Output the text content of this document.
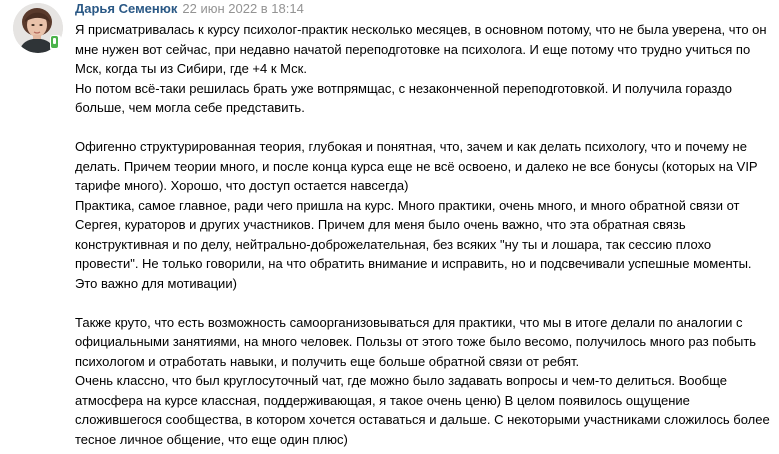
Дарья Семенюк 22 июн 2022 в 18:14

Я присматривалась к курсу психолог-практик несколько месяцев, в основном потому, что не была уверена, что он мне нужен вот сейчас, при недавно начатой переподготовке на психолога. И еще потому что трудно учиться по Мск, когда ты из Сибири, где +4 к Мск.

Но потом всё-таки решилась брать уже вотпрямщас, с незаконченной переподготовкой. И получила гораздо больше, чем могла себе представить.

Офигенно структурированная теория, глубокая и понятная, что, зачем и как делать психологу, что и почему не делать. Причем теории много, и после конца курса еще не всё освоено, и далеко не все бонусы (которых на VIP тарифе много). Хорошо, что доступ остается навсегда)

Практика, самое главное, ради чего пришла на курс. Много практики, очень много, и много обратной связи от Сергея, кураторов и других участников. Причем для меня было очень важно, что эта обратная связь конструктивная и по делу, нейтрально-доброжелательная, без всяких "ну ты и лошара, так сессию плохо провести". Не только говорили, на что обратить внимание и исправить, но и подсвечивали успешные моменты. Это важно для мотивации)

Также круто, что есть возможность самоорганизовываться для практики, что мы в итоге делали по аналогии с официальными занятиями, на много человек. Пользы от этого тоже было весомо, получилось много раз побыть психологом и отработать навыки, и получить еще больше обратной связи от ребят.

Очень классно, что был круглосуточный чат, где можно было задавать вопросы и чем-то делиться. Вообще атмосфера на курсе классная, поддерживающая, я такое очень ценю) В целом появилось ощущение сложившегося сообщества, в котором хочется оставаться и дальше. С некоторыми участниками сложилось более тесное личное общение, что еще один плюс)
